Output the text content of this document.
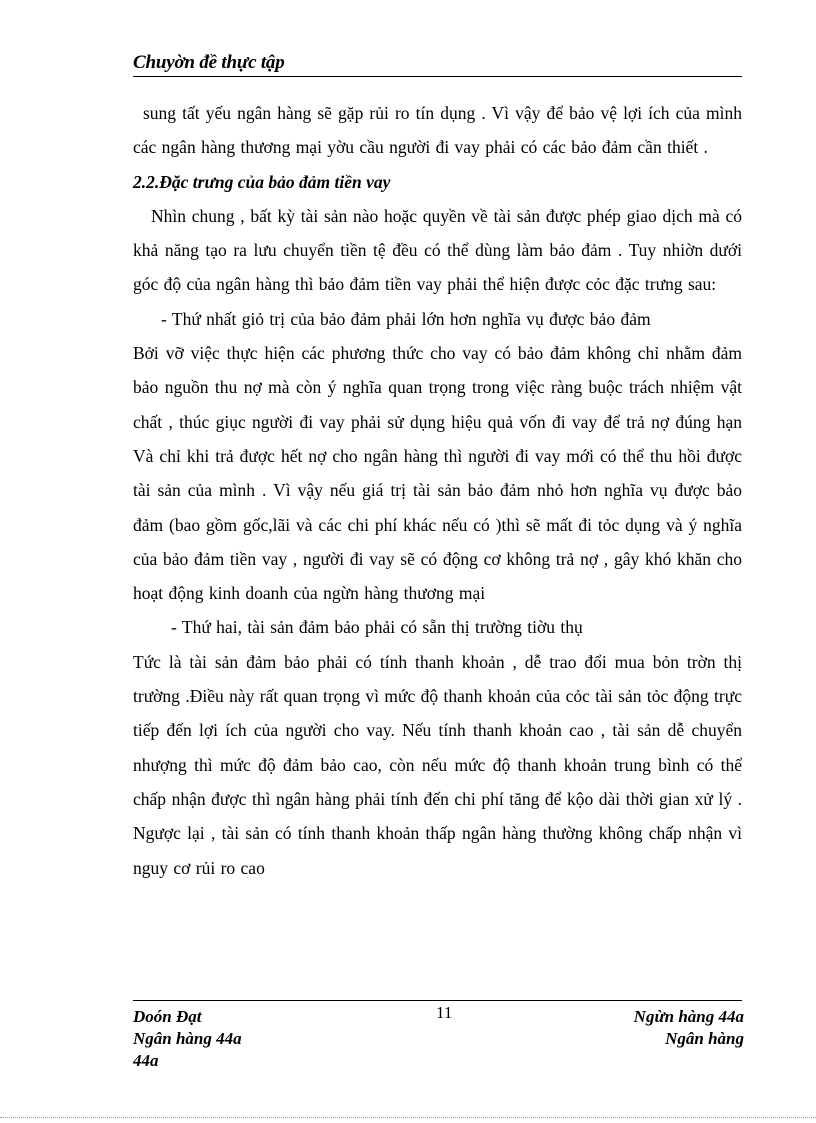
Chuyờn đề thực tập

sung tất yếu ngân hàng sẽ gặp rủi ro tín dụng . Vì vậy để bảo vệ lợi ích của mình các ngân hàng thương mại yờu cầu người đi vay phải có các bảo đảm cần thiết .

2.2.Đặc trưng của bảo đảm tiền vay

Nhìn chung , bất kỳ tài sản nào hoặc quyền về tài sản được phép giao dịch mà có khả năng tạo ra lưu chuyển tiền tệ đều có thể dùng làm bảo đảm . Tuy nhiờn dưới góc độ của ngân hàng thì bảo đảm tiền vay phải thể hiện được cỏc đặc trưng sau:

- Thứ nhất giỏ trị của bảo đảm phải lớn hơn nghĩa vụ được bảo đảm

Bởi vỡ việc thực hiện các phương thức cho vay có bảo đảm không chỉ nhằm đảm bảo nguồn thu nợ mà còn ý nghĩa quan trọng trong việc ràng buộc trách nhiệm vật chất , thúc giục người đi vay phải sử dụng hiệu quả vốn đi vay để trả nợ đúng hạn Và chỉ khi trả được hết nợ cho ngân hàng thì người đi vay mới có thể thu hồi được tài sản của mình . Vì vậy nếu giá trị tài sản bảo đảm nhỏ hơn nghĩa vụ được bảo đảm (bao gồm gốc,lãi và các chi phí khác nếu có )thì sẽ mất đi tỏc dụng và ý nghĩa của bảo đảm tiền vay , người đi vay sẽ có động cơ không trả nợ , gây khó khăn cho hoạt động kinh doanh của ngừn hàng thương mại

- Thứ hai, tài sản đảm bảo phải có sẵn thị trường tiờu thụ

Tức là tài sản đảm bảo phải có tính thanh khoản , dễ trao đổi mua bỏn trờn thị trường .Điều này rất quan trọng vì mức độ thanh khoản của cỏc tài sản tỏc động trực tiếp đến lợi ích của người cho vay. Nếu tính thanh khoản cao , tài sản dễ chuyển nhượng thì mức độ đảm bảo cao, còn nếu mức độ thanh khoản trung bình có thể chấp nhận được thì ngân hàng phải tính đến chi phí tăng để kộo dài thời gian xử lý . Ngược lại , tài sản có tính thanh khoản thấp ngân hàng thường không chấp nhận vì nguy cơ rủi ro cao

Doón Đạt
Ngân hàng 44a
44a
11	Ngừn hàng 44a
Ngân hàng
